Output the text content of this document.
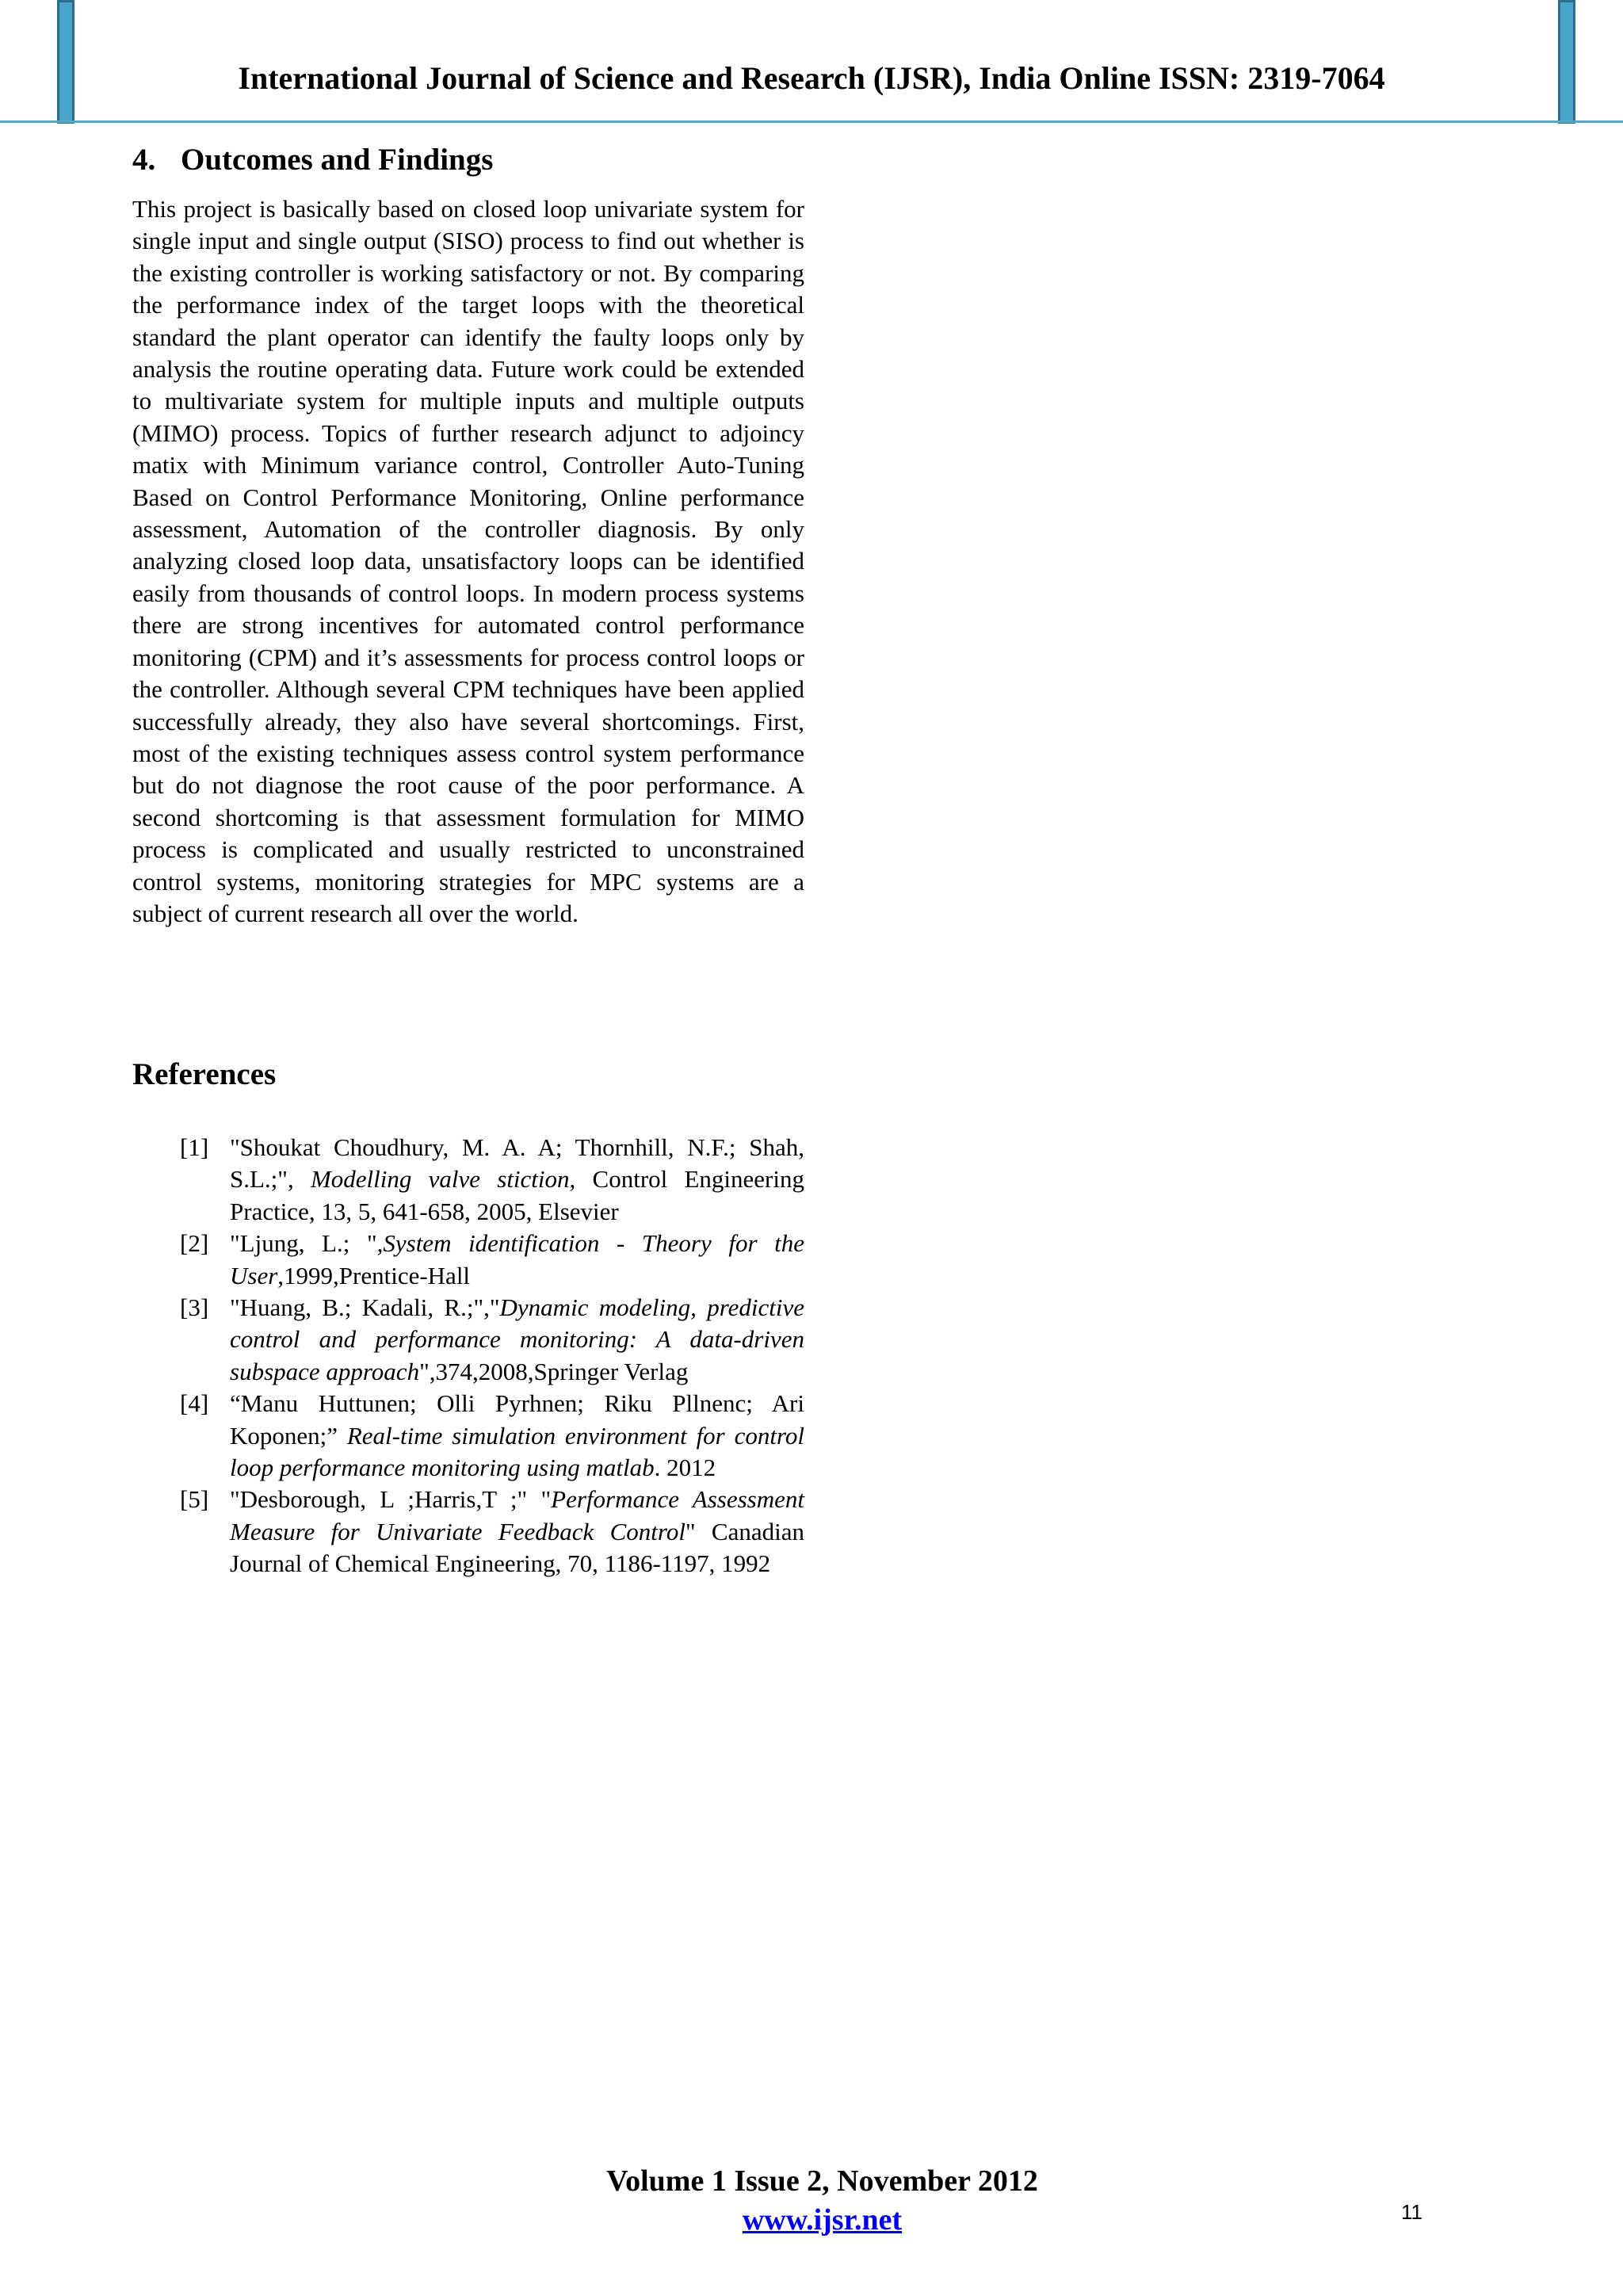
International Journal of Science and Research (IJSR), India Online ISSN: 2319-7064
4. Outcomes and Findings
This project is basically based on closed loop univariate system for single input and single output (SISO) process to find out whether is the existing controller is working satisfactory or not. By comparing the performance index of the target loops with the theoretical standard the plant operator can identify the faulty loops only by analysis the routine operating data. Future work could be extended to multivariate system for multiple inputs and multiple outputs (MIMO) process. Topics of further research adjunct to adjoincy matix with Minimum variance control, Controller Auto-Tuning Based on Control Performance Monitoring, Online performance assessment, Automation of the controller diagnosis. By only analyzing closed loop data, unsatisfactory loops can be identified easily from thousands of control loops. In modern process systems there are strong incentives for automated control performance monitoring (CPM) and it’s assessments for process control loops or the controller. Although several CPM techniques have been applied successfully already, they also have several shortcomings. First, most of the existing techniques assess control system performance but do not diagnose the root cause of the poor performance. A second shortcoming is that assessment formulation for MIMO process is complicated and usually restricted to unconstrained control systems, monitoring strategies for MPC systems are a subject of current research all over the world.
References
[1] "Shoukat Choudhury, M. A. A; Thornhill, N.F.; Shah, S.L.;", Modelling valve stiction, Control Engineering Practice, 13, 5, 641-658, 2005, Elsevier
[2] "Ljung, L.; ",System identification - Theory for the User,1999,Prentice-Hall
[3] "Huang, B.; Kadali, R.;","Dynamic modeling, predictive control and performance monitoring: A data-driven subspace approach",374,2008,Springer Verlag
[4] “Manu Huttunen; Olli Pyrhnen; Riku Pllnenc; Ari Koponen;” Real-time simulation environment for control loop performance monitoring using matlab. 2012
[5] "Desborough, L ;Harris,T ;" "Performance Assessment Measure for Univariate Feedback Control" Canadian Journal of Chemical Engineering, 70, 1186-1197, 1992
Volume 1 Issue 2, November 2012
www.ijsr.net	11
